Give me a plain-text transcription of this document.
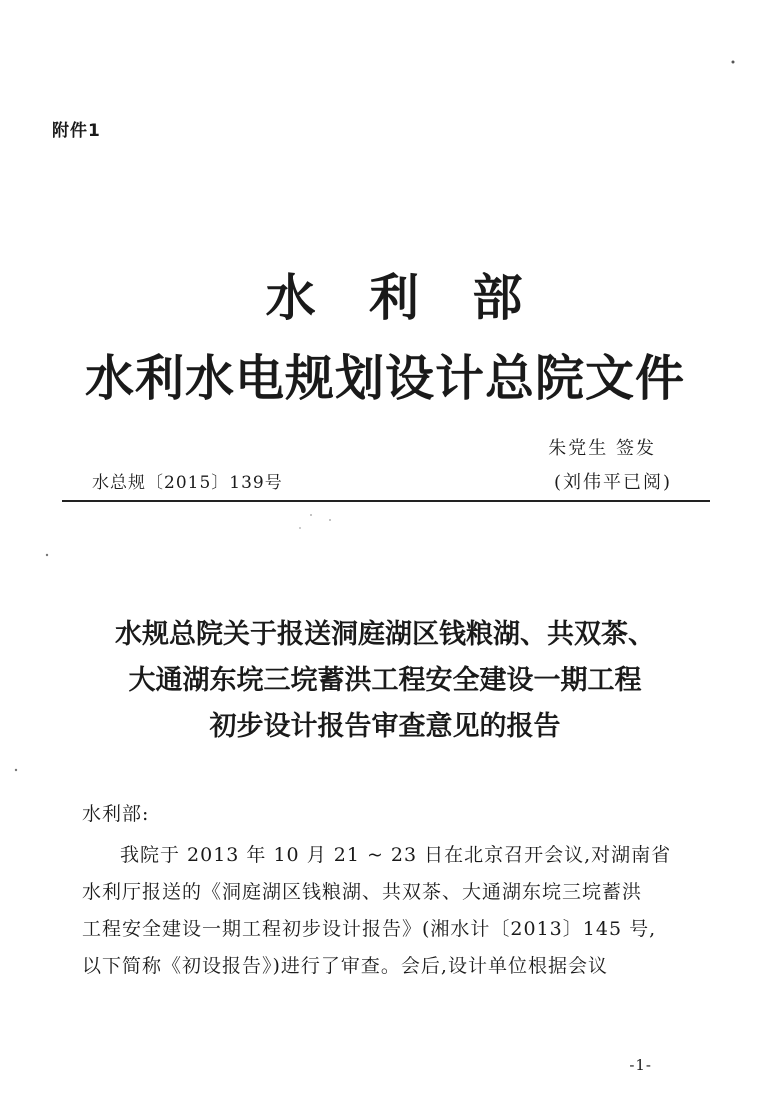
附件1
水 利 部
水利水电规划设计总院文件
朱党生 签发
水总规〔2015〕139号	(刘伟平已阅)
水规总院关于报送洞庭湖区钱粮湖、共双茶、
大通湖东垸三垸蓄洪工程安全建设一期工程
初步设计报告审查意见的报告

水利部:

我院于 2013 年 10 月 21 ~ 23 日在北京召开会议,对湖南省
水利厅报送的《洞庭湖区钱粮湖、共双茶、大通湖东垸三垸蓄洪
工程安全建设一期工程初步设计报告》(湘水计〔2013〕145 号,
以下简称《初设报告》)进行了审查。会后,设计单位根据会议

-1-
